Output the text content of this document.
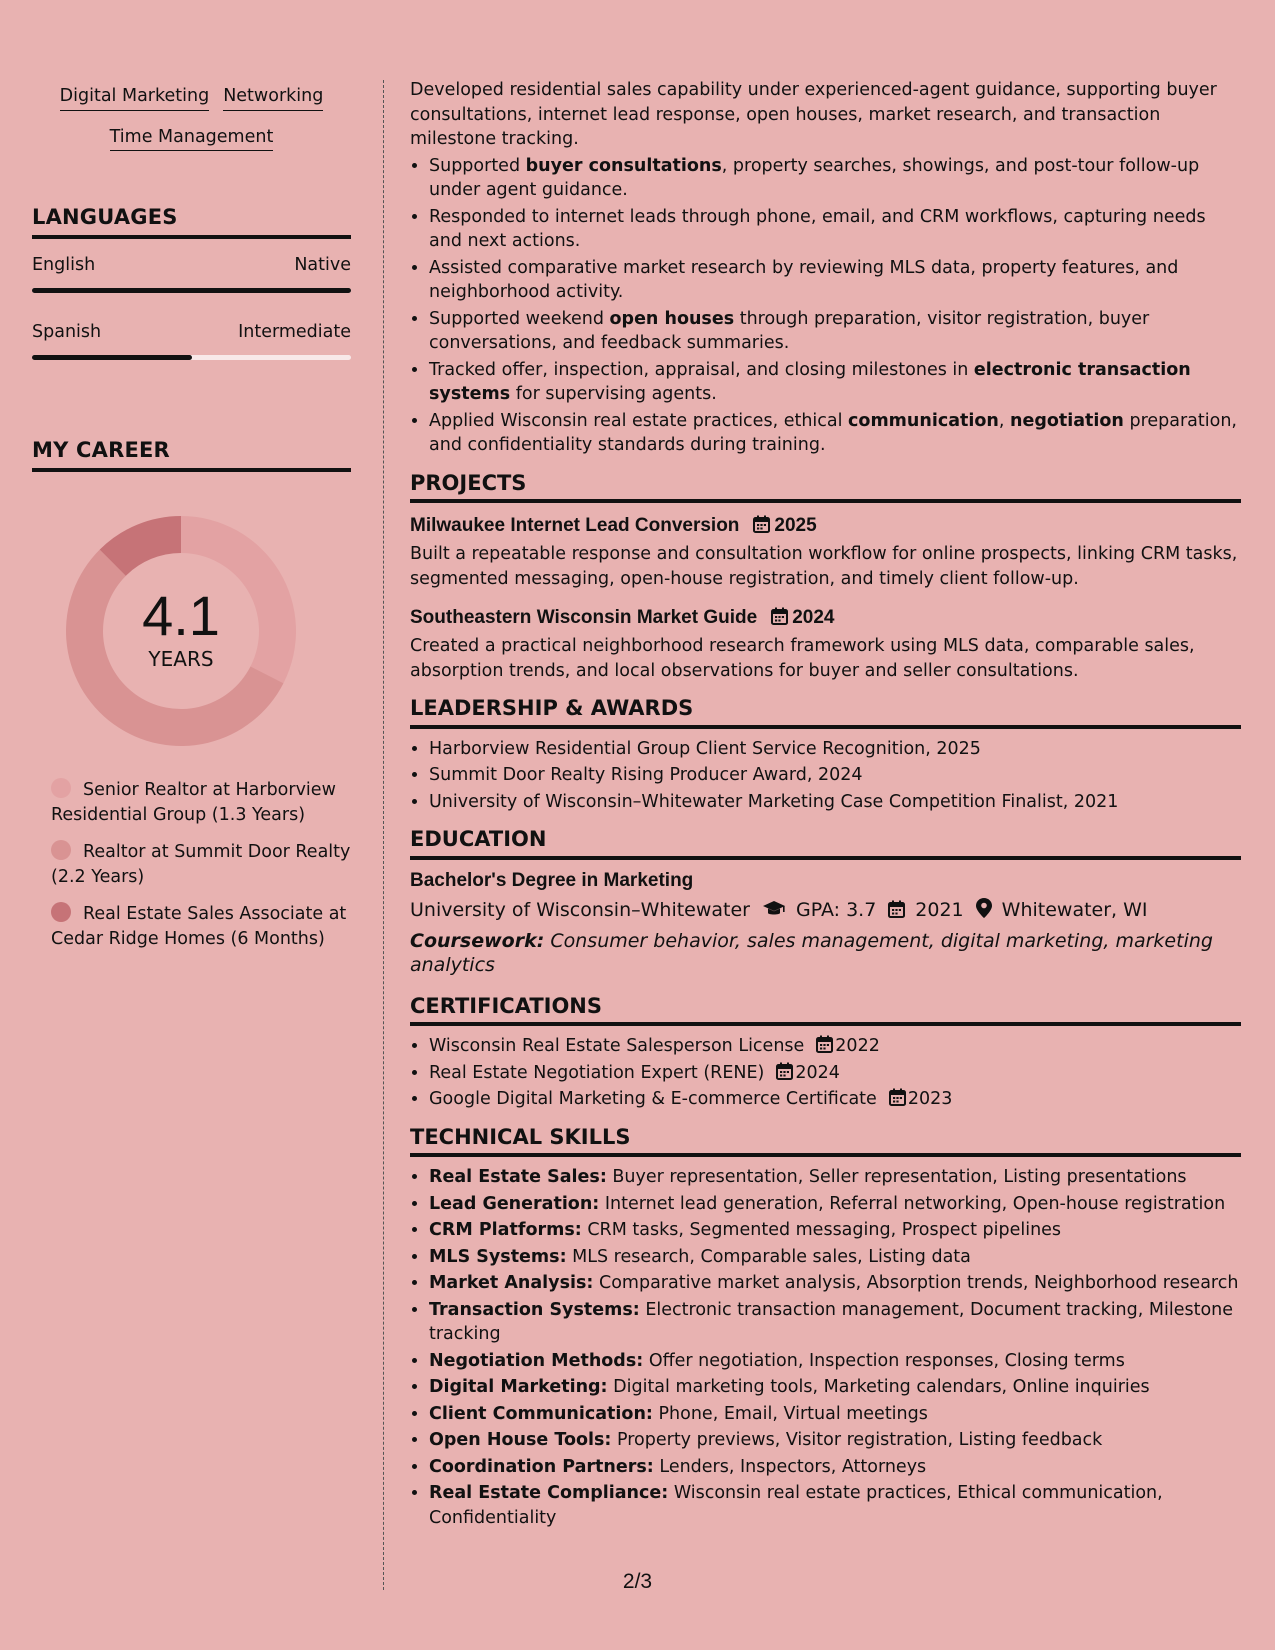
Digital Marketing Networking
Time Management
LANGUAGES
English	Native
Spanish	Intermediate
MY CAREER
4.1
YEARS
Senior Realtor at Harborview Residential Group (1.3 Years)
Realtor at Summit Door Realty (2.2 Years)
Real Estate Sales Associate at Cedar Ridge Homes (6 Months)

Developed residential sales capability under experienced-agent guidance, supporting buyer consultations, internet lead response, open houses, market research, and transaction milestone tracking.

• Supported buyer consultations, property searches, showings, and post-tour follow-up under agent guidance.
• Responded to internet leads through phone, email, and CRM workflows, capturing needs and next actions.
• Assisted comparative market research by reviewing MLS data, property features, and neighborhood activity.
• Supported weekend open houses through preparation, visitor registration, buyer conversations, and feedback summaries.
• Tracked offer, inspection, appraisal, and closing milestones in electronic transaction systems for supervising agents.
• Applied Wisconsin real estate practices, ethical communication, negotiation preparation, and confidentiality standards during training.
PROJECTS
Milwaukee Internet Lead Conversion 2025

Built a repeatable response and consultation workflow for online prospects, linking CRM tasks, segmented messaging, open-house registration, and timely client follow-up.

Southeastern Wisconsin Market Guide 2024

Created a practical neighborhood research framework using MLS data, comparable sales, absorption trends, and local observations for buyer and seller consultations.

LEADERSHIP & AWARDS
• Harborview Residential Group Client Service Recognition, 2025
• Summit Door Realty Rising Producer Award, 2024
• University of Wisconsin–Whitewater Marketing Case Competition Finalist, 2021
EDUCATION
Bachelor's Degree in Marketing
University of Wisconsin–Whitewater GPA: 3.7 2021 Whitewater, WI
Coursework: Consumer behavior, sales management, digital marketing, marketing analytics
CERTIFICATIONS
• Wisconsin Real Estate Salesperson License 2022
• Real Estate Negotiation Expert (RENE) 2024
• Google Digital Marketing & E-commerce Certificate 2023
TECHNICAL SKILLS
• Real Estate Sales: Buyer representation, Seller representation, Listing presentations
• Lead Generation: Internet lead generation, Referral networking, Open-house registration
• CRM Platforms: CRM tasks, Segmented messaging, Prospect pipelines
• MLS Systems: MLS research, Comparable sales, Listing data
• Market Analysis: Comparative market analysis, Absorption trends, Neighborhood research
• Transaction Systems: Electronic transaction management, Document tracking, Milestone tracking
• Negotiation Methods: Offer negotiation, Inspection responses, Closing terms
• Digital Marketing: Digital marketing tools, Marketing calendars, Online inquiries
• Client Communication: Phone, Email, Virtual meetings
• Open House Tools: Property previews, Visitor registration, Listing feedback
• Coordination Partners: Lenders, Inspectors, Attorneys
• Real Estate Compliance: Wisconsin real estate practices, Ethical communication, Confidentiality
2/3
